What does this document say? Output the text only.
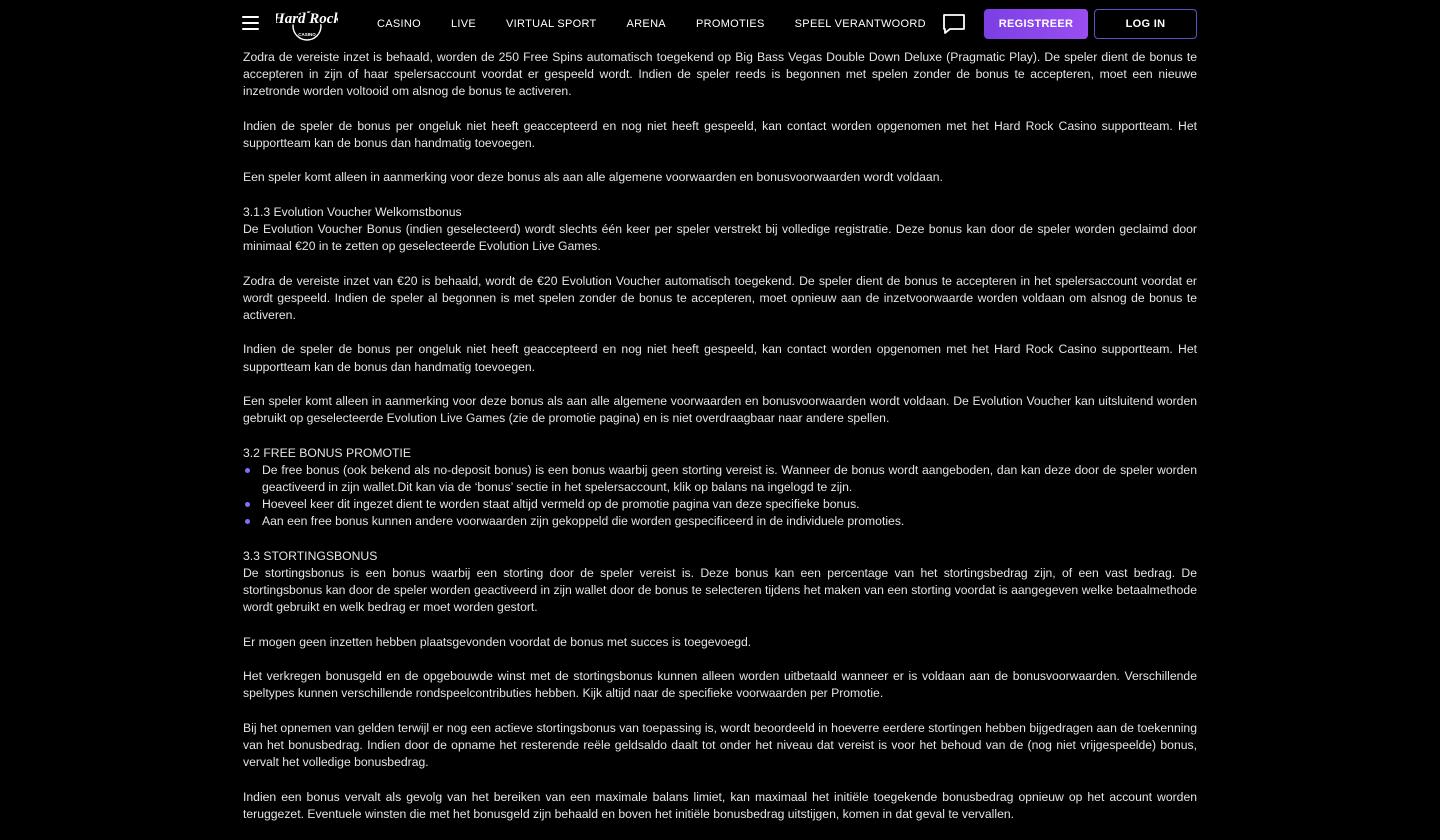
Hard Rock
CASINO
CASINO	LIVE	VIRTUAL SPORT	ARENA	PROMOTIES	SPEEL VERANTWOORD	REGISTREER	LOG IN

Zodra de vereiste inzet is behaald, worden de 250 Free Spins automatisch toegekend op Big Bass Vegas Double Down Deluxe (Pragmatic Play). De speler dient de bonus te accepteren in zijn of haar spelersaccount voordat er gespeeld wordt. Indien de speler reeds is begonnen met spelen zonder de bonus te accepteren, moet een nieuwe inzetronde worden voltooid om alsnog de bonus te activeren.

Indien de speler de bonus per ongeluk niet heeft geaccepteerd en nog niet heeft gespeeld, kan contact worden opgenomen met het Hard Rock Casino supportteam. Het supportteam kan de bonus dan handmatig toevoegen.

Een speler komt alleen in aanmerking voor deze bonus als aan alle algemene voorwaarden en bonusvoorwaarden wordt voldaan.

3.1.3 Evolution Voucher Welkomstbonus

De Evolution Voucher Bonus (indien geselecteerd) wordt slechts één keer per speler verstrekt bij volledige registratie. Deze bonus kan door de speler worden geclaimd door minimaal €20 in te zetten op geselecteerde Evolution Live Games.

Zodra de vereiste inzet van €20 is behaald, wordt de €20 Evolution Voucher automatisch toegekend. De speler dient de bonus te accepteren in het spelersaccount voordat er wordt gespeeld. Indien de speler al begonnen is met spelen zonder de bonus te accepteren, moet opnieuw aan de inzetvoorwaarde worden voldaan om alsnog de bonus te activeren.

Indien de speler de bonus per ongeluk niet heeft geaccepteerd en nog niet heeft gespeeld, kan contact worden opgenomen met het Hard Rock Casino supportteam. Het supportteam kan de bonus dan handmatig toevoegen.

Een speler komt alleen in aanmerking voor deze bonus als aan alle algemene voorwaarden en bonusvoorwaarden wordt voldaan. De Evolution Voucher kan uitsluitend worden gebruikt op geselecteerde Evolution Live Games (zie de promotie pagina) en is niet overdraagbaar naar andere spellen.

3.2 FREE BONUS PROMOTIE

De free bonus (ook bekend als no-deposit bonus) is een bonus waarbij geen storting vereist is. Wanneer de bonus wordt aangeboden, dan kan deze door de speler worden geactiveerd in zijn wallet.Dit kan via de ‘bonus’ sectie in het spelersaccount, klik op balans na ingelogd te zijn.
Hoeveel keer dit ingezet dient te worden staat altijd vermeld op de promotie pagina van deze specifieke bonus.
Aan een free bonus kunnen andere voorwaarden zijn gekoppeld die worden gespecificeerd in de individuele promoties.

3.3 STORTINGSBONUS

De stortingsbonus is een bonus waarbij een storting door de speler vereist is. Deze bonus kan een percentage van het stortingsbedrag zijn, of een vast bedrag. De stortingsbonus kan door de speler worden geactiveerd in zijn wallet door de bonus te selecteren tijdens het maken van een storting voordat is aangegeven welke betaalmethode wordt gebruikt en welk bedrag er moet worden gestort.

Er mogen geen inzetten hebben plaatsgevonden voordat de bonus met succes is toegevoegd.

Het verkregen bonusgeld en de opgebouwde winst met de stortingsbonus kunnen alleen worden uitbetaald wanneer er is voldaan aan de bonusvoorwaarden. Verschillende speltypes kunnen verschillende rondspeelcontributies hebben. Kijk altijd naar de specifieke voorwaarden per Promotie.

Bij het opnemen van gelden terwijl er nog een actieve stortingsbonus van toepassing is, wordt beoordeeld in hoeverre eerdere stortingen hebben bijgedragen aan de toekenning van het bonusbedrag. Indien door de opname het resterende reële geldsaldo daalt tot onder het niveau dat vereist is voor het behoud van de (nog niet vrijgespeelde) bonus, vervalt het volledige bonusbedrag.

Indien een bonus vervalt als gevolg van het bereiken van een maximale balans limiet, kan maximaal het initiële toegekende bonusbedrag opnieuw op het account worden teruggezet. Eventuele winsten die met het bonusgeld zijn behaald en boven het initiële bonusbedrag uitstijgen, komen in dat geval te vervallen.
